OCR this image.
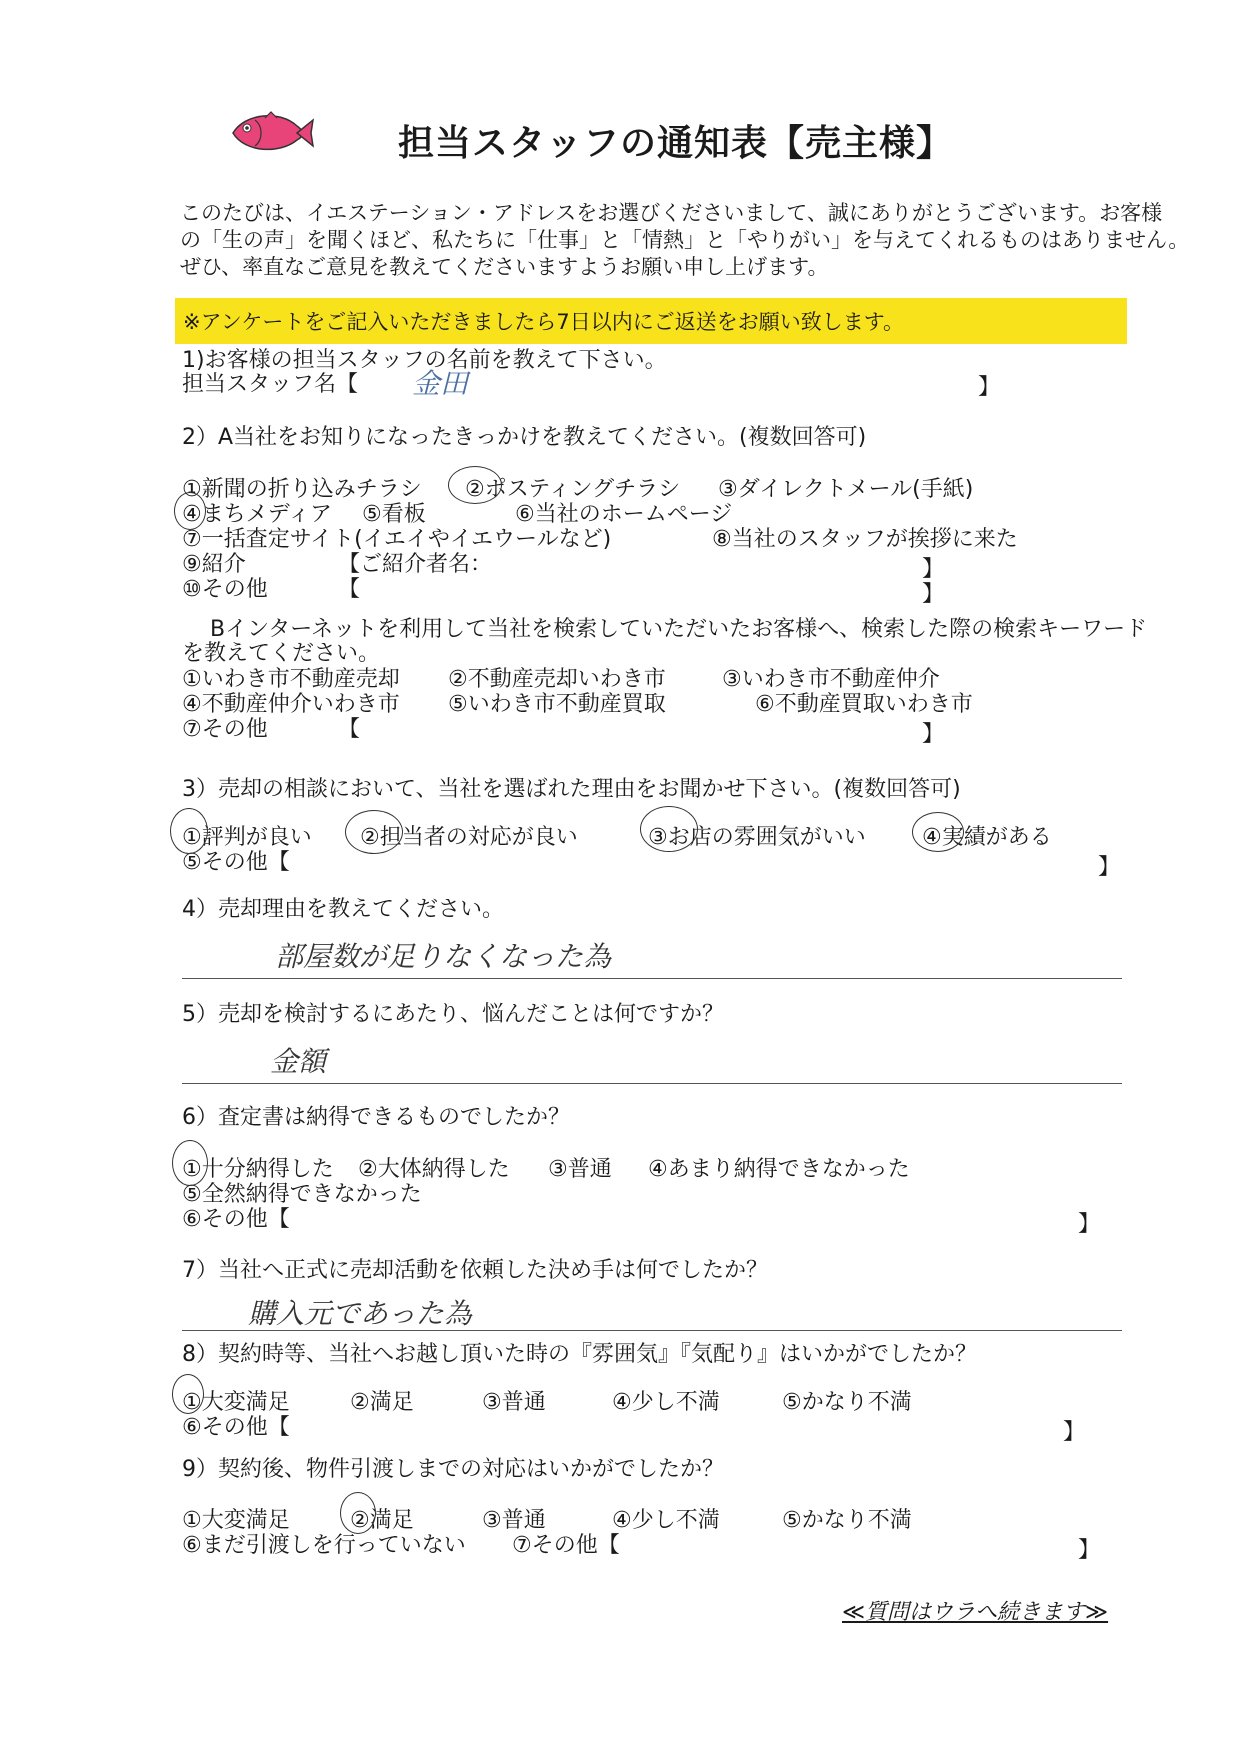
担当スタッフの通知表【売主様】
このたびは、イエステーション・アドレスをお選びくださいまして、誠にありがとうございます。お客様
の「生の声」を聞くほど、私たちに「仕事」と「情熱」と「やりがい」を与えてくれるものはありません。
ぜひ、率直なご意見を教えてくださいますようお願い申し上げます。
※アンケートをご記入いただきましたら7日以内にご返送をお願い致します。
1)お客様の担当スタッフの名前を教えて下さい。
担当スタッフ名【 金田	】
2）A当社をお知りになったきっかけを教えてください。(複数回答可)
①新聞の折り込みチラシ ②ポスティングチラシ ③ダイレクトメール(手紙)
④まちメディア ⑤看板	⑥当社のホームページ
⑦一括査定サイト(イエイやイエウールなど)	⑧当社のスタッフが挨拶に来た
⑨紹介	【ご紹介者名：	】
⑩その他	【	】
Bインターネットを利用して当社を検索していただいたお客様へ、検索した際の検索キーワード
を教えてください。
①いわき市不動産売却 ②不動産売却いわき市	③いわき市不動産仲介
④不動産仲介いわき市 ⑤いわき市不動産買取	⑥不動産買取いわき市
⑦その他	【	】
3）売却の相談において、当社を選ばれた理由をお聞かせ下さい。(複数回答可)
①評判が良い ②担当者の対応が良い	③お店の雰囲気がいい	④実績がある
⑤その他【	】
4）売却理由を教えてください。
部屋数が足りなくなった為
5）売却を検討するにあたり、悩んだことは何ですか？
金額
6）査定書は納得できるものでしたか？
①十分納得した ②大体納得した ③普通 ④あまり納得できなかった
⑤全然納得できなかった
⑥その他【	】
7）当社へ正式に売却活動を依頼した決め手は何でしたか？
購入元であった為
8）契約時等、当社へお越し頂いた時の『雰囲気』『気配り』はいかがでしたか？
①大変満足	②満足	③普通	④少し不満	⑤かなり不満
⑥その他【	】
9）契約後、物件引渡しまでの対応はいかがでしたか？
①大変満足	②満足	③普通	④少し不満	⑤かなり不満
⑥まだ引渡しを行っていない ⑦その他【	】
≪質問はウラへ続きます≫
